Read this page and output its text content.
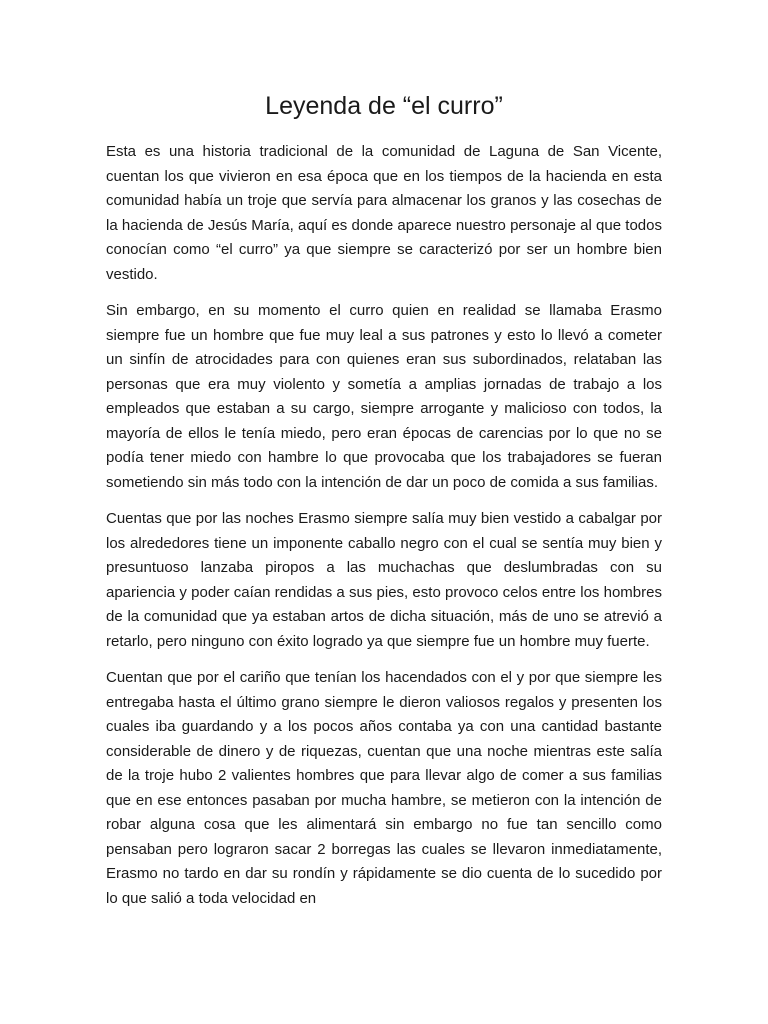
Leyenda de “el curro”

Esta es una historia tradicional de la comunidad de Laguna de San Vicente, cuentan los que vivieron en esa época que en los tiempos de la hacienda en esta comunidad había un troje que servía para almacenar los granos y las cosechas de la hacienda de Jesús María, aquí es donde aparece nuestro personaje al que todos conocían como “el curro” ya que siempre se caracterizó por ser un hombre bien vestido.

Sin embargo, en su momento el curro quien en realidad se llamaba Erasmo siempre fue un hombre que fue muy leal a sus patrones y esto lo llevó a cometer un sinfín de atrocidades para con quienes eran sus subordinados, relataban las personas que era muy violento y sometía a amplias jornadas de trabajo a los empleados que estaban a su cargo, siempre arrogante y malicioso con todos, la mayoría de ellos le tenía miedo, pero eran épocas de carencias por lo que no se podía tener miedo con hambre lo que provocaba que los trabajadores se fueran sometiendo sin más todo con la intención de dar un poco de comida a sus familias.

Cuentas que por las noches Erasmo siempre salía muy bien vestido a cabalgar por los alrededores tiene un imponente caballo negro con el cual se sentía muy bien y presuntuoso lanzaba piropos a las muchachas que deslumbradas con su apariencia y poder caían rendidas a sus pies, esto provoco celos entre los hombres de la comunidad que ya estaban artos de dicha situación, más de uno se atrevió a retarlo, pero ninguno con éxito logrado ya que siempre fue un hombre muy fuerte.

Cuentan que por el cariño que tenían los hacendados con el y por que siempre les entregaba hasta el último grano siempre le dieron valiosos regalos y presenten los cuales iba guardando y a los pocos años contaba ya con una cantidad bastante considerable de dinero y de riquezas, cuentan que una noche mientras este salía de la troje hubo 2 valientes hombres que para llevar algo de comer a sus familias que en ese entonces pasaban por mucha hambre, se metieron con la intención de robar alguna cosa que les alimentará sin embargo no fue tan sencillo como pensaban pero lograron sacar 2 borregas las cuales se llevaron inmediatamente, Erasmo no tardo en dar su rondín y rápidamente se dio cuenta de lo sucedido por lo que salió a toda velocidad en
